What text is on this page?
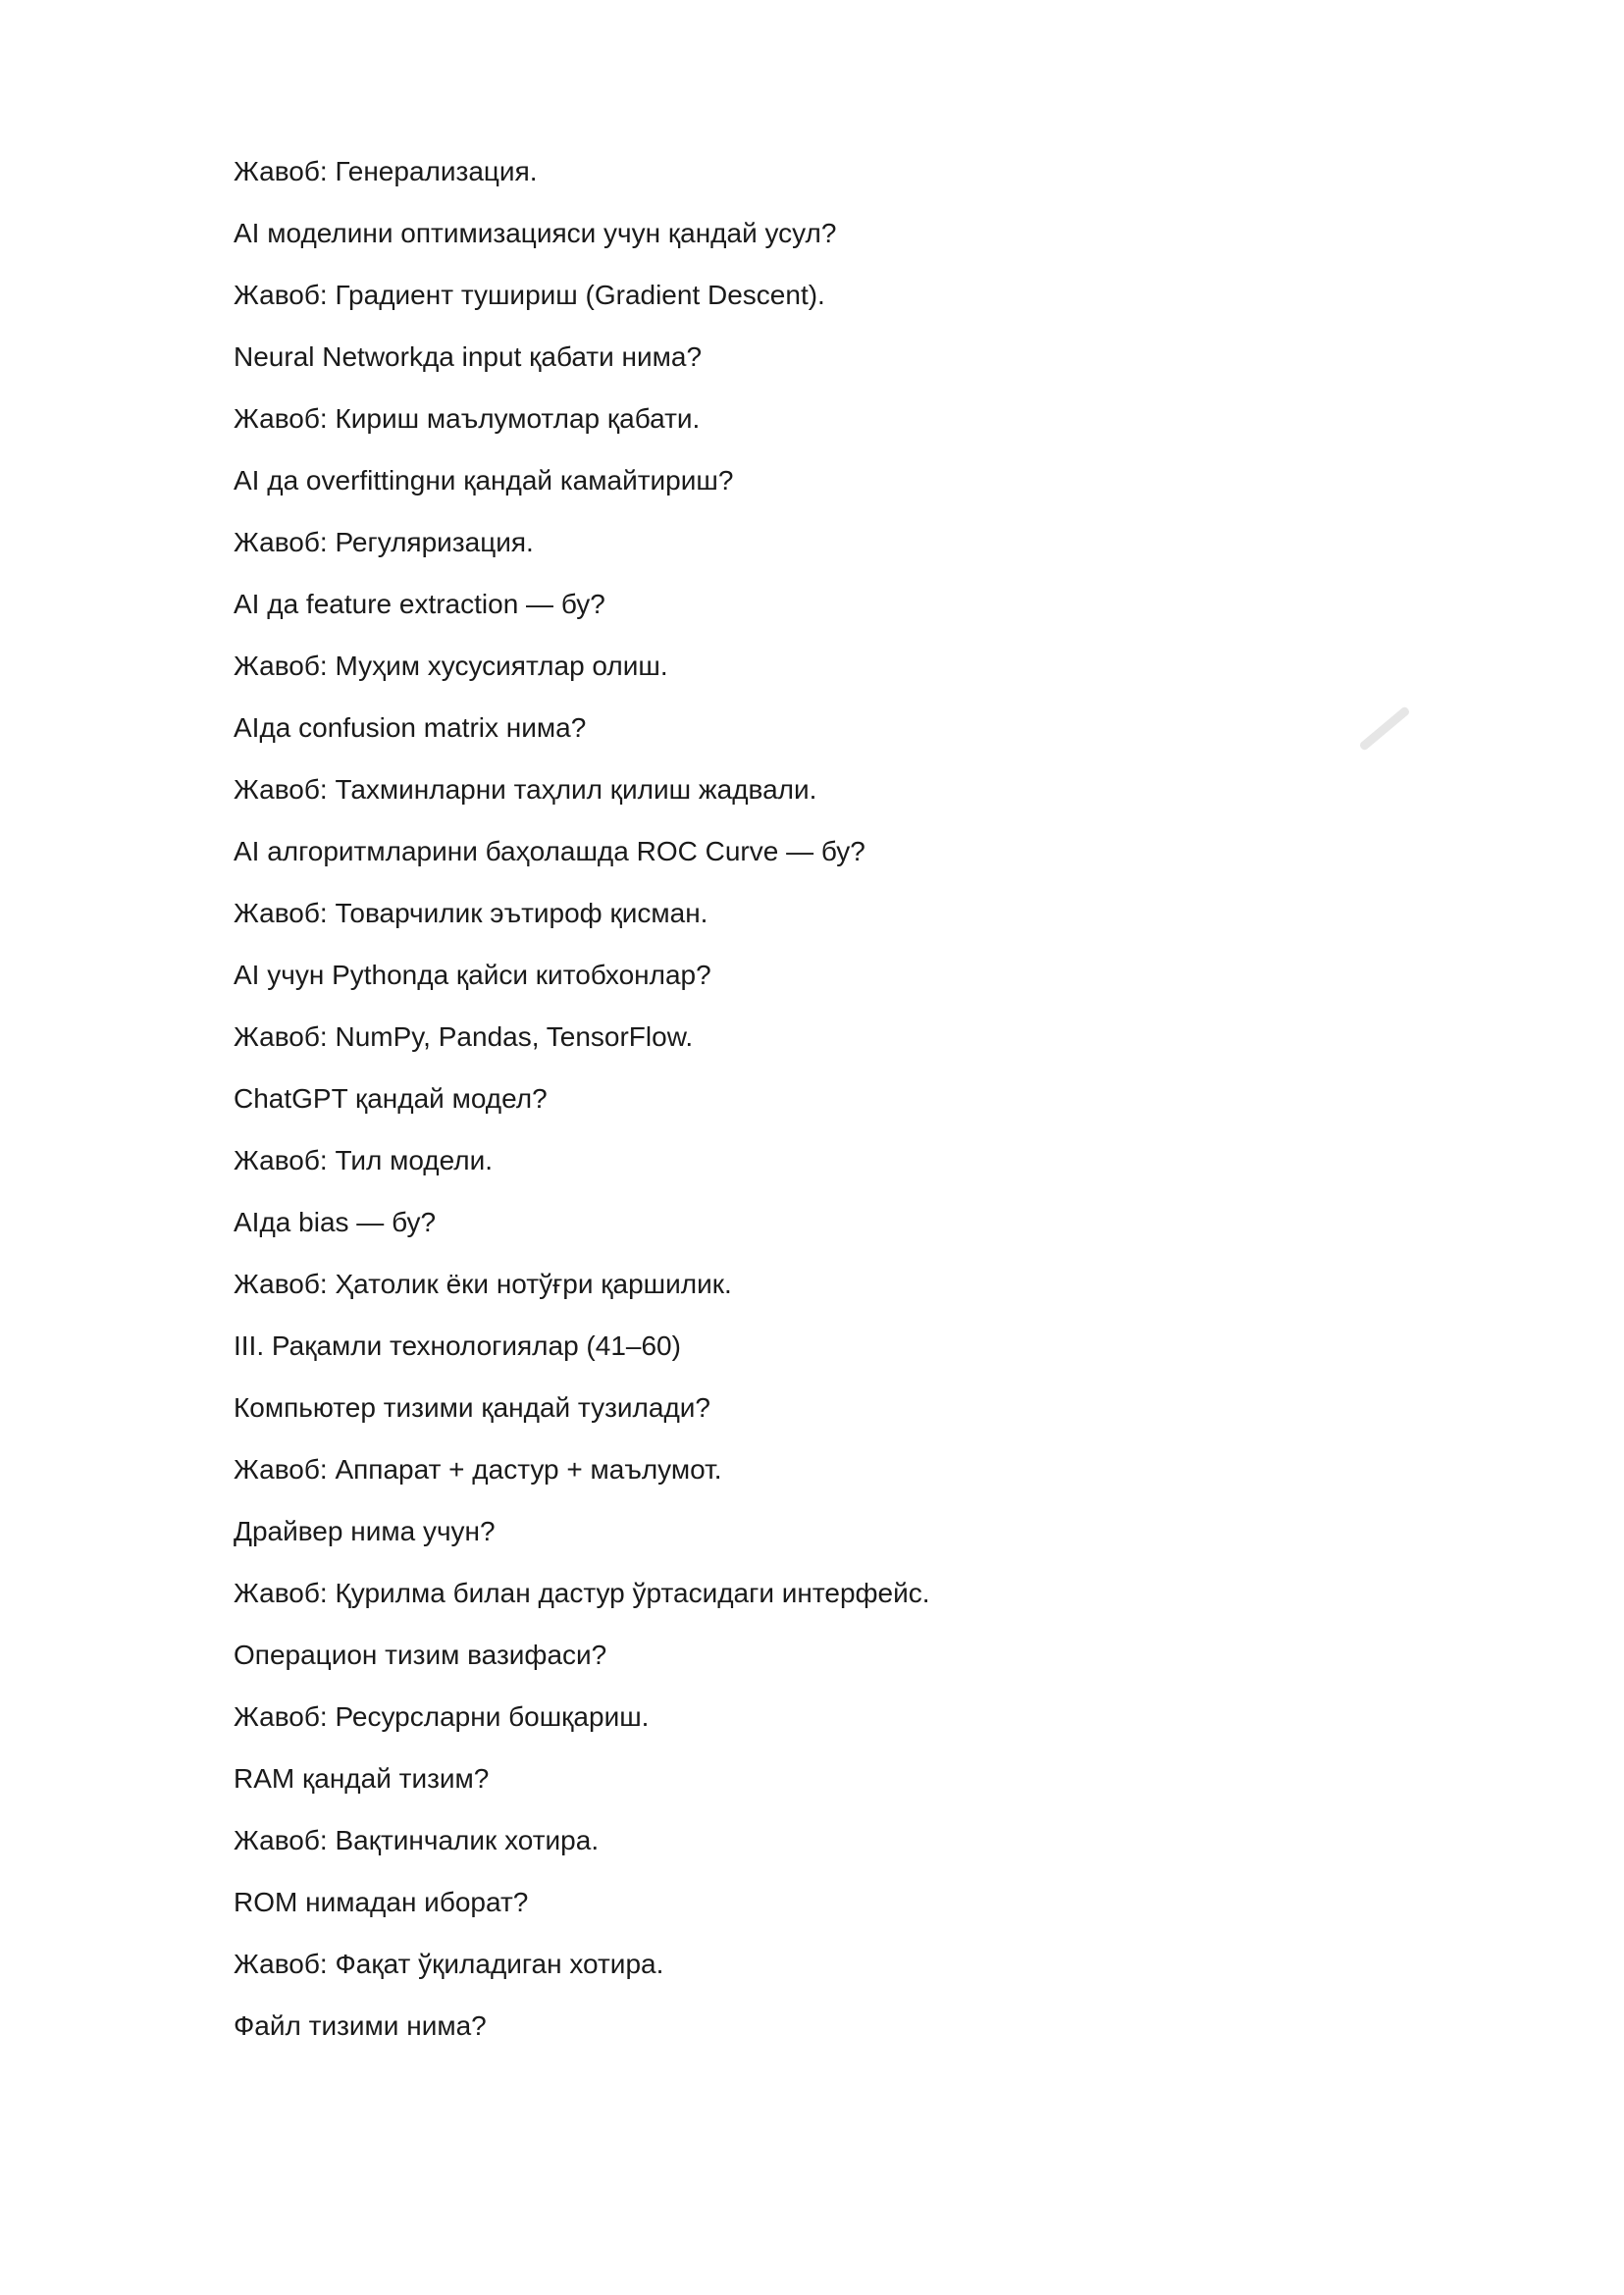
Жавоб: Генерализация.
AI моделини оптимизацияси учун қандай усул?
Жавоб: Градиент тушириш (Gradient Descent).
Neural Networkда input қабати нима?
Жавоб: Кириш маълумотлар қабати.
AI да overfittingни қандай камайтириш?
Жавоб: Регуляризация.
AI да feature extraction — бу?
Жавоб: Муҳим хусусиятлар олиш.
AIда confusion matrix нима?
Жавоб: Тахминларни таҳлил қилиш жадвали.
AI алгоритмларини баҳолашда ROC Curve — бу?
Жавоб: Товарчилик эътироф қисман.
AI учун Pythonда қайси китобхонлар?
Жавоб: NumPy, Pandas, TensorFlow.
ChatGPT қандай модел?
Жавоб: Тил модели.
AIда bias — бу?
Жавоб: Ҳатолик ёки нотўғри қаршилик.
III. Рақамли технологиялар (41–60)
Компьютер тизими қандай тузилади?
Жавоб: Аппарат + дастур + маълумот.
Драйвер нима учун?
Жавоб: Қурилма билан дастур ўртасидаги интерфейс.
Операцион тизим вазифаси?
Жавоб: Ресурсларни бошқариш.
RAM қандай тизим?
Жавоб: Вақтинчалик хотира.
ROM нимадан иборат?
Жавоб: Фақат ўқиладиган хотира.
Файл тизими нима?
